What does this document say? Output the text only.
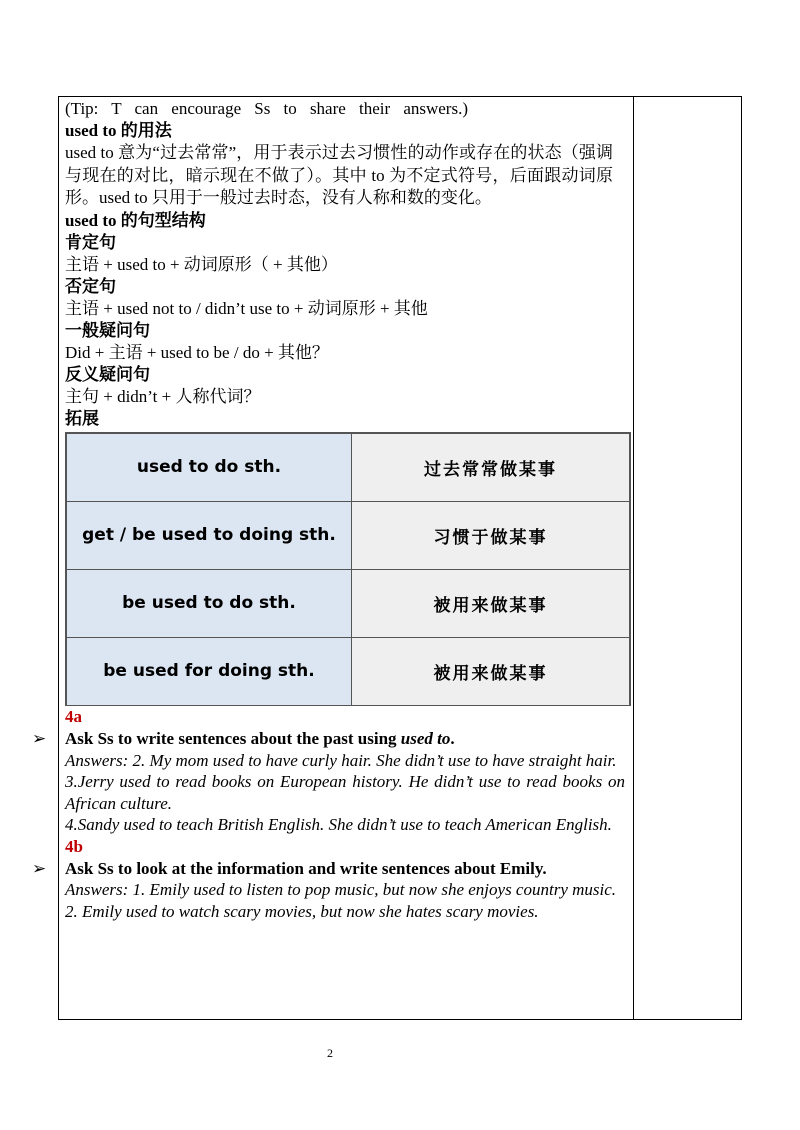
(Tip: T can encourage Ss to share their answers.)
used to 的用法
used to 意为“过去常常”，用于表示过去习惯性的动作或存在的状态（强调与现在的对比，暗示现在不做了）。其中 to 为不定式符号，后面跟动词原形。used to 只用于一般过去时态，没有人称和数的变化。
used to 的句型结构
肯定句
主语 + used to + 动词原形（ + 其他）
否定句
主语 + used not to / didn’t use to + 动词原形 + 其他
一般疑问句
Did + 主语 + used to be / do + 其他？
反义疑问句
主句 + didn’t + 人称代词？
拓展
used to do sth.	过去常常做某事
get / be used to doing sth.	习惯于做某事
be used to do sth.	被用来做某事
be used for doing sth.	被用来做某事
4a
➢ Ask Ss to write sentences about the past using used to.
Answers: 2. My mom used to have curly hair. She didn’t use to have straight hair.
3.Jerry used to read books on European history. He didn’t use to read books on African culture.
4.Sandy used to teach British English. She didn’t use to teach American English.
4b
➢ Ask Ss to look at the information and write sentences about Emily.
Answers: 1. Emily used to listen to pop music, but now she enjoys country music.
2. Emily used to watch scary movies, but now she hates scary movies.
2
